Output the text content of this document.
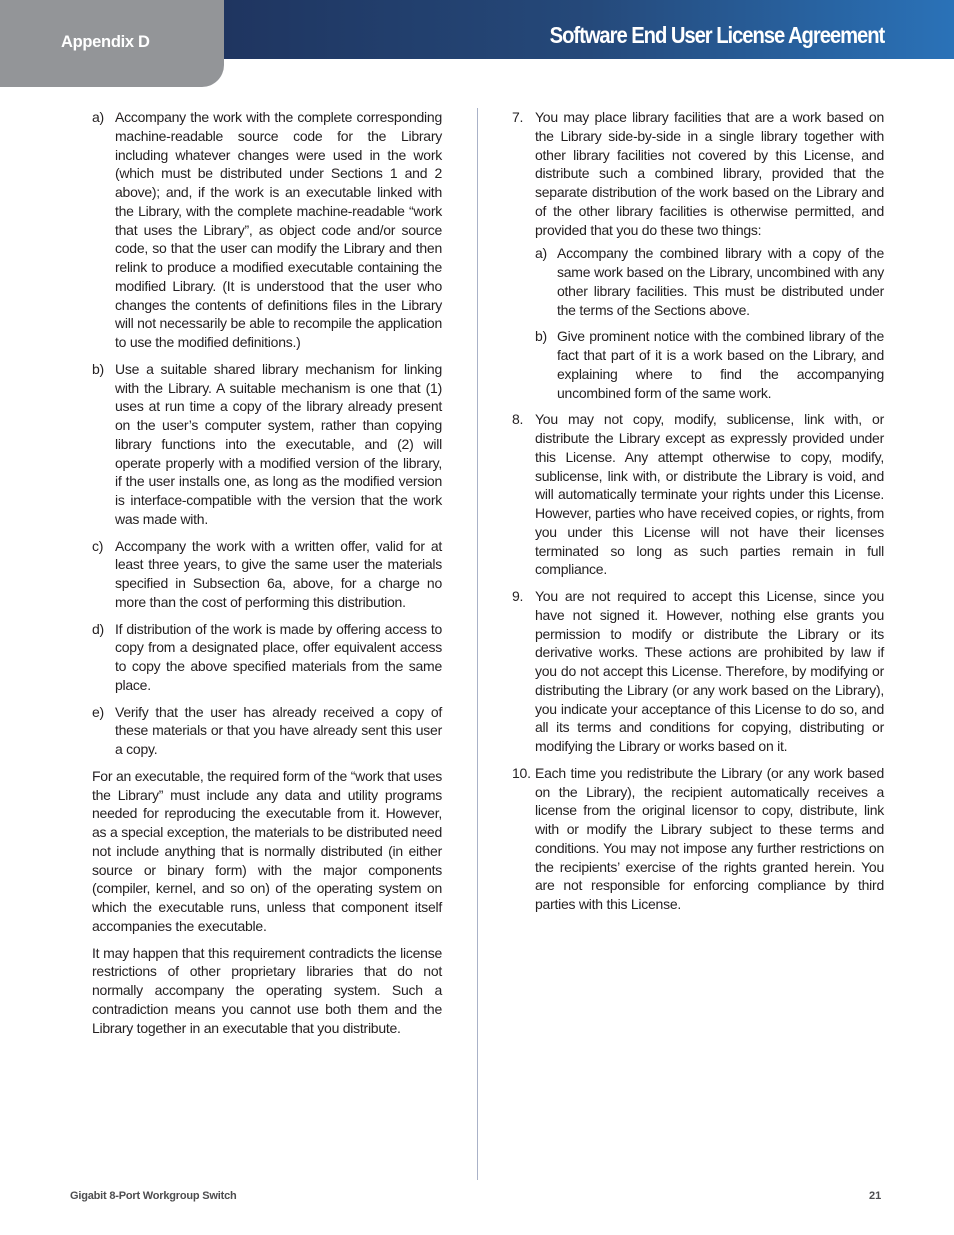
Appendix D	Software End User License Agreement
a) Accompany the work with the complete corresponding machine-readable source code for the Library including whatever changes were used in the work (which must be distributed under Sections 1 and 2 above); and, if the work is an executable linked with the Library, with the complete machine-readable “work that uses the Library”, as object code and/or source code, so that the user can modify the Library and then relink to produce a modified executable containing the modified Library. (It is understood that the user who changes the contents of definitions files in the Library will not necessarily be able to recompile the application to use the modified definitions.)
b) Use a suitable shared library mechanism for linking with the Library. A suitable mechanism is one that (1) uses at run time a copy of the library already present on the user’s computer system, rather than copying library functions into the executable, and (2) will operate properly with a modified version of the library, if the user installs one, as long as the modified version is interface-compatible with the version that the work was made with.
c) Accompany the work with a written offer, valid for at least three years, to give the same user the materials specified in Subsection 6a, above, for a charge no more than the cost of performing this distribution.
d) If distribution of the work is made by offering access to copy from a designated place, offer equivalent access to copy the above specified materials from the same place.
e) Verify that the user has already received a copy of these materials or that you have already sent this user a copy.

For an executable, the required form of the “work that uses the Library” must include any data and utility programs needed for reproducing the executable from it. However, as a special exception, the materials to be distributed need not include anything that is normally distributed (in either source or binary form) with the major components (compiler, kernel, and so on) of the operating system on which the executable runs, unless that component itself accompanies the executable.

It may happen that this requirement contradicts the license restrictions of other proprietary libraries that do not normally accompany the operating system. Such a contradiction means you cannot use both them and the Library together in an executable that you distribute.

7. You may place library facilities that are a work based on the Library side-by-side in a single library together with other library facilities not covered by this License, and distribute such a combined library, provided that the separate distribution of the work based on the Library and of the other library facilities is otherwise permitted, and provided that you do these two things:
a) Accompany the combined library with a copy of the same work based on the Library, uncombined with any other library facilities. This must be distributed under the terms of the Sections above.
b) Give prominent notice with the combined library of the fact that part of it is a work based on the Library, and explaining where to find the accompanying uncombined form of the same work.
8. You may not copy, modify, sublicense, link with, or distribute the Library except as expressly provided under this License. Any attempt otherwise to copy, modify, sublicense, link with, or distribute the Library is void, and will automatically terminate your rights under this License. However, parties who have received copies, or rights, from you under this License will not have their licenses terminated so long as such parties remain in full compliance.
9. You are not required to accept this License, since you have not signed it. However, nothing else grants you permission to modify or distribute the Library or its derivative works. These actions are prohibited by law if you do not accept this License. Therefore, by modifying or distributing the Library (or any work based on the Library), you indicate your acceptance of this License to do so, and all its terms and conditions for copying, distributing or modifying the Library or works based on it.
10. Each time you redistribute the Library (or any work based on the Library), the recipient automatically receives a license from the original licensor to copy, distribute, link with or modify the Library subject to these terms and conditions. You may not impose any further restrictions on the recipients’ exercise of the rights granted herein. You are not responsible for enforcing compliance by third parties with this License.
Gigabit 8-Port Workgroup Switch	21
